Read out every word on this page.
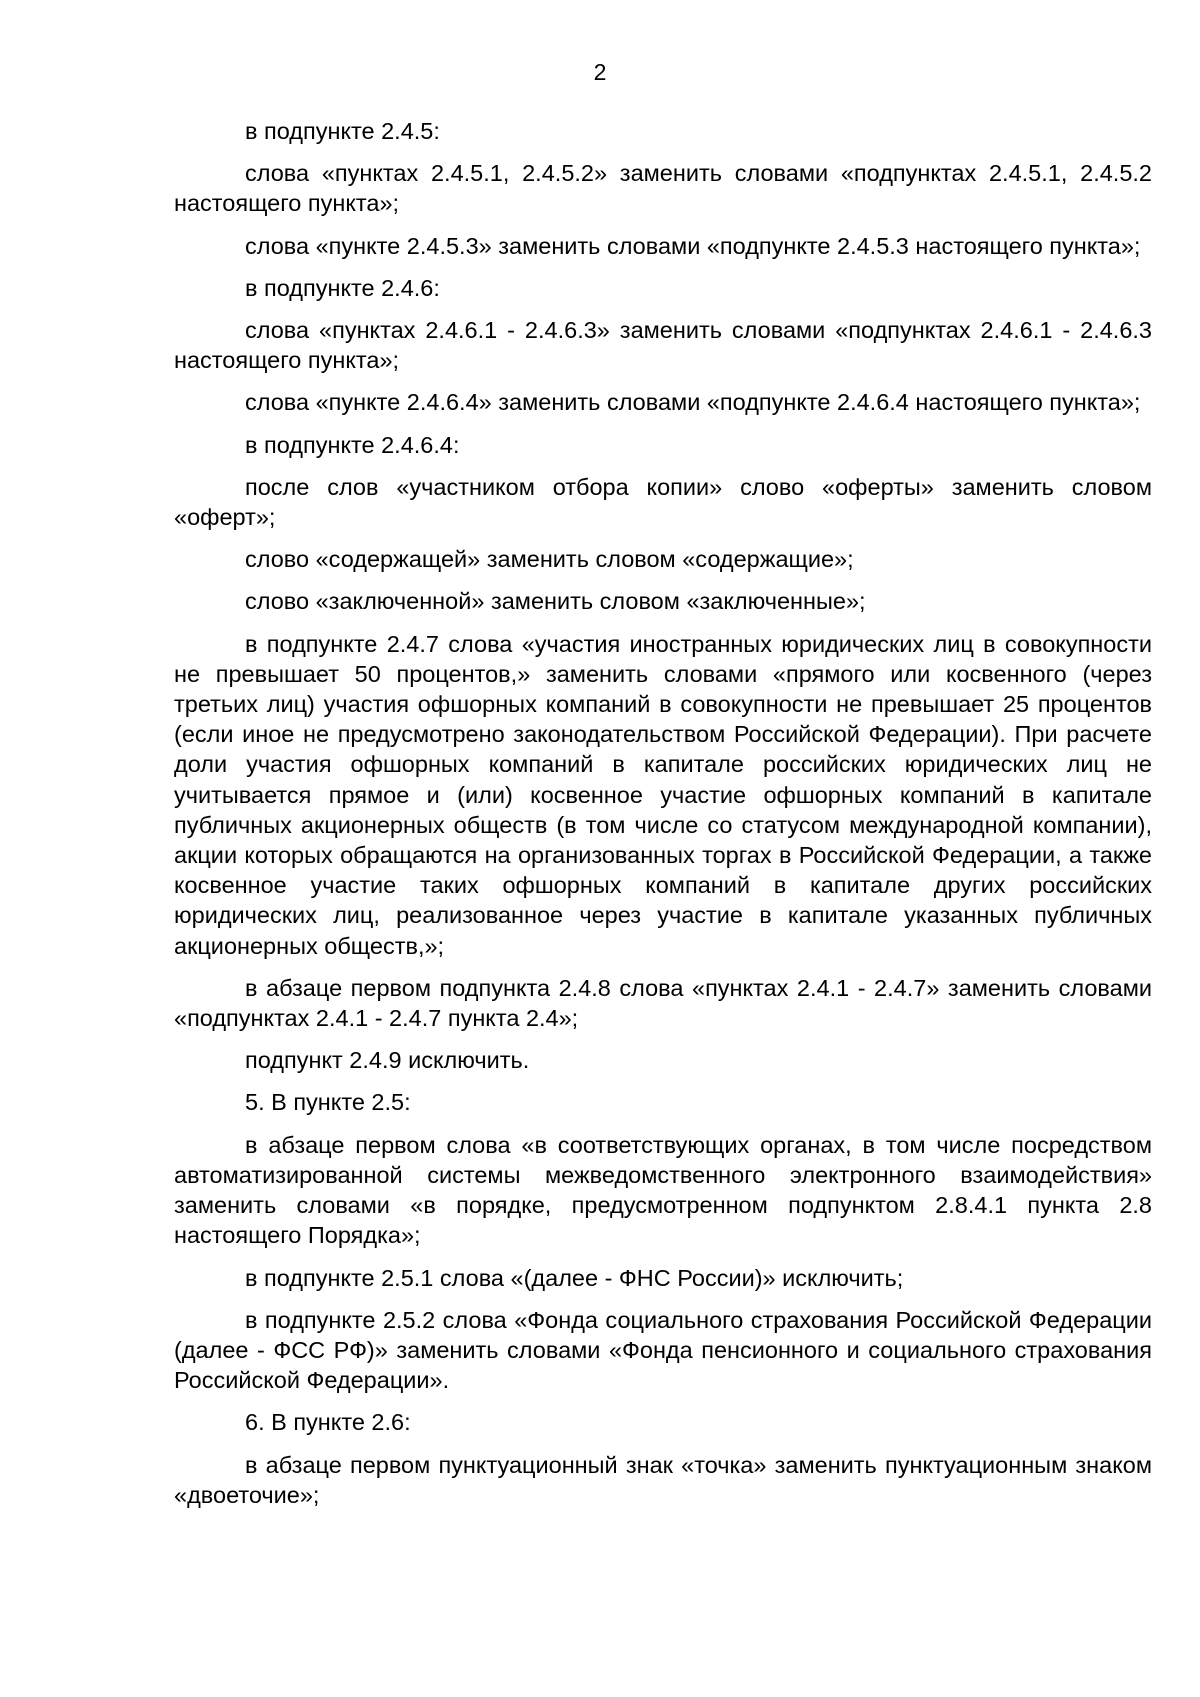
2

в подпункте 2.4.5:

слова «пунктах 2.4.5.1, 2.4.5.2» заменить словами «подпунктах 2.4.5.1, 2.4.5.2 настоящего пункта»;

слова «пункте 2.4.5.3» заменить словами «подпункте 2.4.5.3 настоящего пункта»;

в подпункте 2.4.6:

слова «пунктах 2.4.6.1 - 2.4.6.3» заменить словами «подпунктах 2.4.6.1 - 2.4.6.3 настоящего пункта»;

слова «пункте 2.4.6.4» заменить словами «подпункте 2.4.6.4 настоящего пункта»;

в подпункте 2.4.6.4:

после слов «участником отбора копии» слово «оферты» заменить словом «оферт»;

слово «содержащей» заменить словом «содержащие»;

слово «заключенной» заменить словом «заключенные»;

в подпункте 2.4.7 слова «участия иностранных юридических лиц в совокупности не превышает 50 процентов,» заменить словами «прямого или косвенного (через третьих лиц) участия офшорных компаний в совокупности не превышает 25 процентов (если иное не предусмотрено законодательством Российской Федерации). При расчете доли участия офшорных компаний в капитале российских юридических лиц не учитывается прямое и (или) косвенное участие офшорных компаний в капитале публичных акционерных обществ (в том числе со статусом международной компании), акции которых обращаются на организованных торгах в Российской Федерации, а также косвенное участие таких офшорных компаний в капитале других российских юридических лиц, реализованное через участие в капитале указанных публичных акционерных обществ,»;

в абзаце первом подпункта 2.4.8 слова «пунктах 2.4.1 - 2.4.7» заменить словами «подпунктах 2.4.1 - 2.4.7 пункта 2.4»;

подпункт 2.4.9 исключить.

5. В пункте 2.5:

в абзаце первом слова «в соответствующих органах, в том числе посредством автоматизированной системы межведомственного электронного взаимодействия» заменить словами «в порядке, предусмотренном подпунктом 2.8.4.1 пункта 2.8 настоящего Порядка»;

в подпункте 2.5.1 слова «(далее - ФНС России)» исключить;

в подпункте 2.5.2 слова «Фонда социального страхования Российской Федерации (далее - ФСС РФ)» заменить словами «Фонда пенсионного и социального страхования Российской Федерации».

6. В пункте 2.6:

в абзаце первом пунктуационный знак «точка» заменить пунктуационным знаком «двоеточие»;
